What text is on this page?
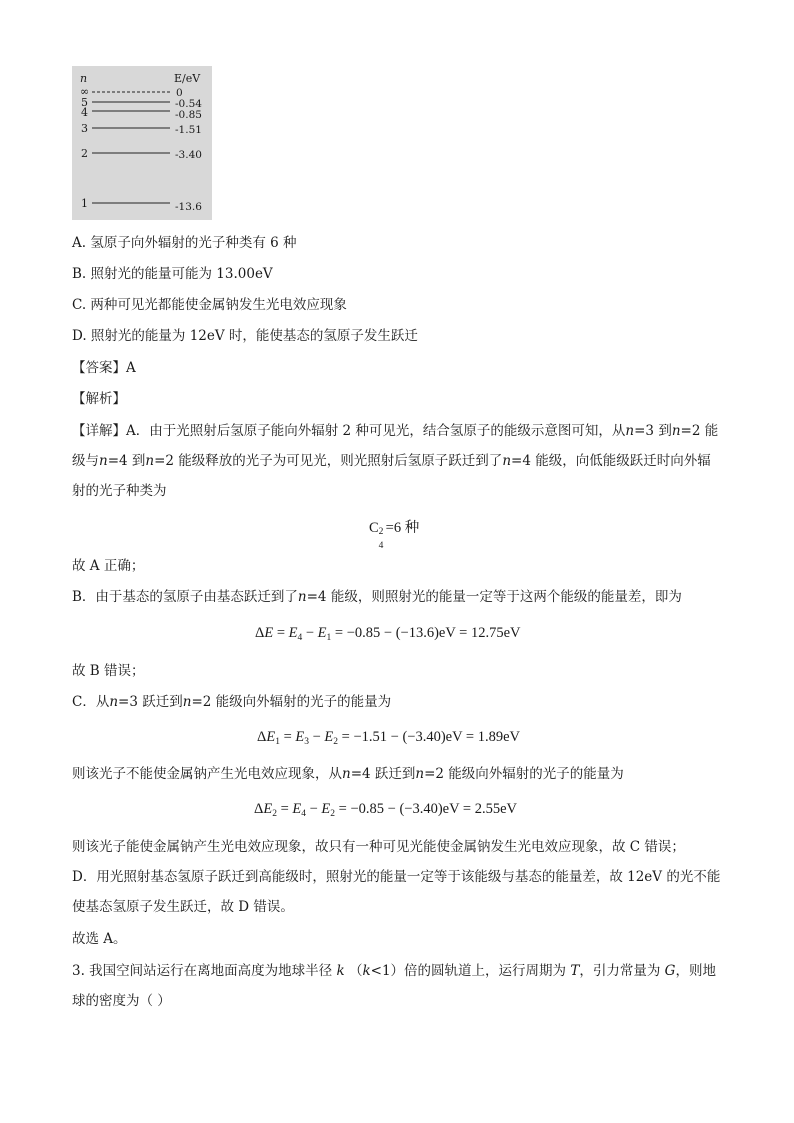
n	E/eV
∞	0
5	-0.54
4	-0.85
3	-1.51
2	-3.40
1	-13.6
A. 氢原子向外辐射的光子种类有 6 种
B. 照射光的能量可能为 13.00eV
C. 两种可见光都能使金属钠发生光电效应现象
D. 照射光的能量为 12eV 时，能使基态的氢原子发生跃迁
【答案】A
【解析】
【详解】A．由于光照射后氢原子能向外辐射 2 种可见光，结合氢原子的能级示意图可知，从n=3 到n=2 能级与n=4 到n=2 能级释放的光子为可见光，则光照射后氢原子跃迁到了n=4 能级，向低能级跃迁时向外辐射的光子种类为
C 2
4
=6 种
故 A 正确；
B．由于基态的氢原子由基态跃迁到了n=4 能级，则照射光的能量一定等于这两个能级的能量差，即为
$\Delta E = E_4 - E_1 = -0.85 - (-13.6)eV = 12.75eV$
故 B 错误；
C．从n=3 跃迁到n=2 能级向外辐射的光子的能量为
$\Delta E_1 = E_3 - E_2 = -1.51 - (-3.40)eV = 1.89eV$
则该光子不能使金属钠产生光电效应现象，从n=4 跃迁到n=2 能级向外辐射的光子的能量为
$\Delta E_2 = E_4 - E_2 = -0.85 - (-3.40)eV = 2.55eV$
则该光子能使金属钠产生光电效应现象，故只有一种可见光能使金属钠发生光电效应现象，故 C 错误；
D．用光照射基态氢原子跃迁到高能级时，照射光的能量一定等于该能级与基态的能量差，故 12eV 的光不能使基态氢原子发生跃迁，故 D 错误。
故选 A。
3. 我国空间站运行在离地面高度为地球半径 k （k<1）倍的圆轨道上，运行周期为 T，引力常量为 G，则地球的密度为（ ）
